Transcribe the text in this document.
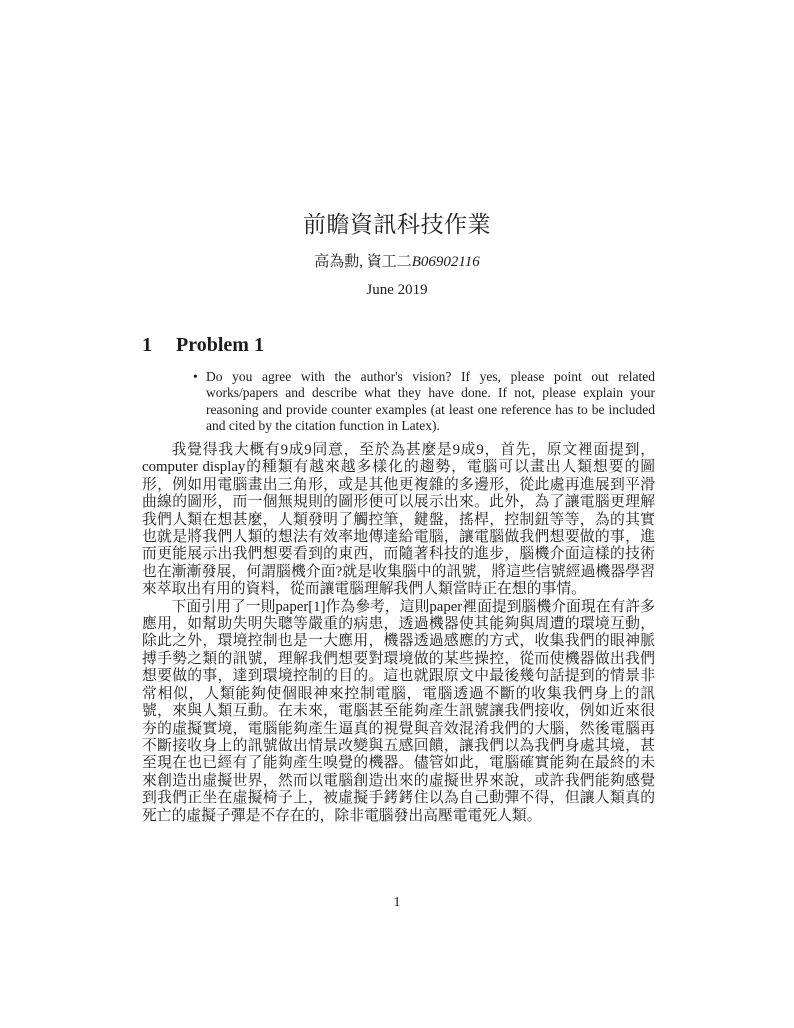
前瞻資訊科技作業
高為勳, 資工二B06902116
June 2019
1 Problem 1
• Do you agree with the author's vision? If yes, please point out related works/papers and describe what they have done. If not, please explain your reasoning and provide counter examples (at least one reference has to be included and cited by the citation function in Latex).

我覺得我大概有9成9同意，至於為甚麼是9成9，首先，原文裡面提到，computer display的種類有越來越多樣化的趨勢，電腦可以畫出人類想要的圖形，例如用電腦畫出三角形，或是其他更複雜的多邊形，從此處再進展到平滑曲線的圖形，而一個無規則的圖形便可以展示出來。此外，為了讓電腦更理解我們人類在想甚麼，人類發明了觸控筆，鍵盤，搖桿，控制鈕等等，為的其實也就是將我們人類的想法有效率地傳達給電腦，讓電腦做我們想要做的事，進而更能展示出我們想要看到的東西，而隨著科技的進步，腦機介面這樣的技術也在漸漸發展，何謂腦機介面?就是收集腦中的訊號，將這些信號經過機器學習來萃取出有用的資料，從而讓電腦理解我們人類當時正在想的事情。

下面引用了一則paper[1]作為參考，這則paper裡面提到腦機介面現在有許多應用，如幫助失明失聰等嚴重的病患，透過機器使其能夠與周遭的環境互動，除此之外，環境控制也是一大應用，機器透過感應的方式，收集我們的眼神脈搏手勢之類的訊號，理解我們想要對環境做的某些操控，從而使機器做出我們想要做的事，達到環境控制的目的。這也就跟原文中最後幾句話提到的情景非常相似，人類能夠使個眼神來控制電腦，電腦透過不斷的收集我們身上的訊號，來與人類互動。在未來，電腦甚至能夠產生訊號讓我們接收，例如近來很夯的虛擬實境，電腦能夠產生逼真的視覺與音效混淆我們的大腦，然後電腦再不斷接收身上的訊號做出情景改變與五感回饋，讓我們以為我們身處其境，甚至現在也已經有了能夠產生嗅覺的機器。儘管如此，電腦確實能夠在最終的未來創造出虛擬世界，然而以電腦創造出來的虛擬世界來說，或許我們能夠感覺到我們正坐在虛擬椅子上，被虛擬手銬銬住以為自己動彈不得，但讓人類真的死亡的虛擬子彈是不存在的，除非電腦發出高壓電電死人類。

1
